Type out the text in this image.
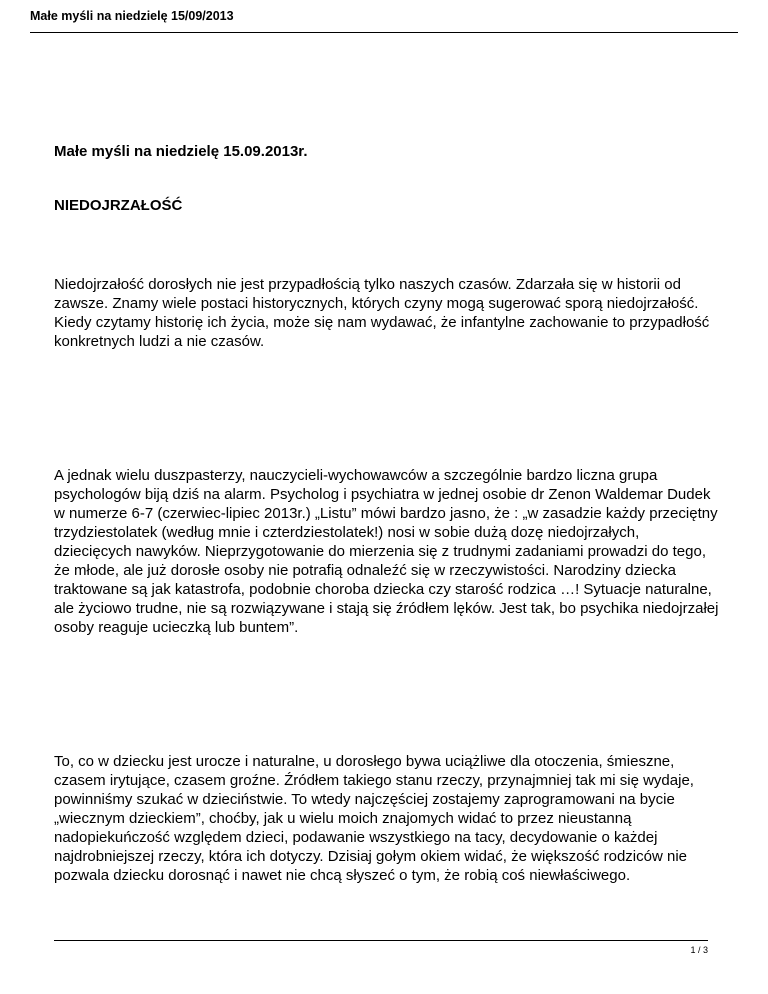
Małe myśli na niedzielę 15/09/2013
Małe myśli na niedzielę 15.09.2013r.
NIEDOJRZAŁOŚĆ

Niedojrzałość dorosłych nie jest przypadłością tylko naszych czasów. Zdarzała się w historii od zawsze. Znamy wiele postaci historycznych, których czyny mogą sugerować sporą niedojrzałość. Kiedy czytamy historię ich życia, może się nam wydawać, że infantylne zachowanie to przypadłość konkretnych ludzi a nie czasów.

A jednak wielu duszpasterzy, nauczycieli-wychowawców a szczególnie bardzo liczna grupa psychologów biją dziś na alarm. Psycholog i psychiatra w jednej osobie dr Zenon Waldemar Dudek w numerze 6-7 (czerwiec-lipiec 2013r.) „Listu” mówi bardzo jasno, że : „w zasadzie każdy przeciętny trzydziestolatek (według mnie i czterdziestolatek!) nosi w sobie dużą dozę niedojrzałych, dziecięcych nawyków. Nieprzygotowanie do mierzenia się z trudnymi zadaniami prowadzi do tego, że młode, ale już dorosłe osoby nie potrafią odnaleźć się w rzeczywistości. Narodziny dziecka traktowane są jak katastrofa, podobnie choroba dziecka czy starość rodzica …! Sytuacje naturalne, ale życiowo trudne, nie są rozwiązywane i stają się źródłem lęków. Jest tak, bo psychika niedojrzałej osoby reaguje ucieczką lub buntem”.

To, co w dziecku jest urocze i naturalne, u dorosłego bywa uciążliwe dla otoczenia, śmieszne, czasem irytujące, czasem groźne. Źródłem takiego stanu rzeczy, przynajmniej tak mi się wydaje, powinniśmy szukać w dzieciństwie. To wtedy najczęściej zostajemy zaprogramowani na bycie „wiecznym dzieckiem”, choćby, jak u wielu moich znajomych widać to przez nieustanną nadopiekuńczość względem dzieci, podawanie wszystkiego na tacy, decydowanie o każdej najdrobniejszej rzeczy, która ich dotyczy. Dzisiaj gołym okiem widać, że większość rodziców nie pozwala dziecku dorosnąć i nawet nie chcą słyszeć o tym, że robią coś niewłaściwego.

1 / 3
